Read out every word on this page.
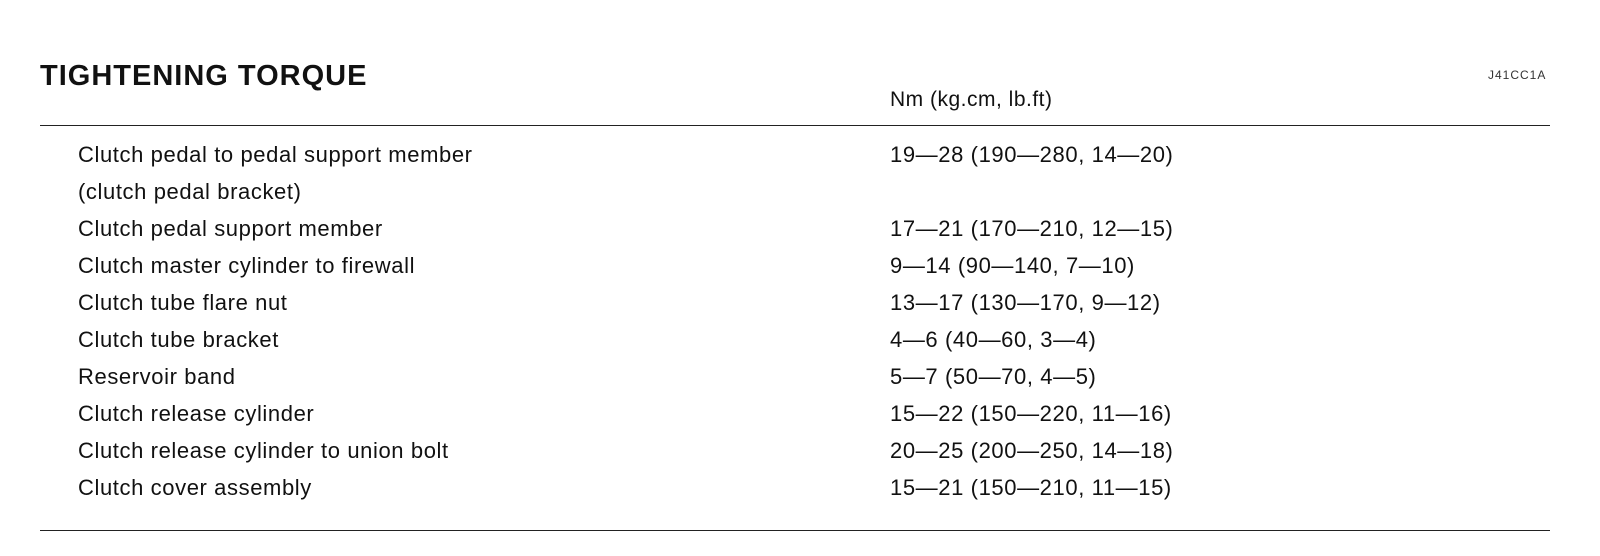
TIGHTENING TORQUE	J41CC1A
Nm (kg.cm, lb.ft)
Clutch pedal to pedal support member	19—28 (190—280, 14—20)
(clutch pedal bracket)
Clutch pedal support member	17—21 (170—210, 12—15)
Clutch master cylinder to firewall	9—14 (90—140, 7—10)
Clutch tube flare nut	13—17 (130—170, 9—12)
Clutch tube bracket	4—6 (40—60, 3—4)
Reservoir band	5—7 (50—70, 4—5)
Clutch release cylinder	15—22 (150—220, 11—16)
Clutch release cylinder to union bolt	20—25 (200—250, 14—18)
Clutch cover assembly	15—21 (150—210, 11—15)
